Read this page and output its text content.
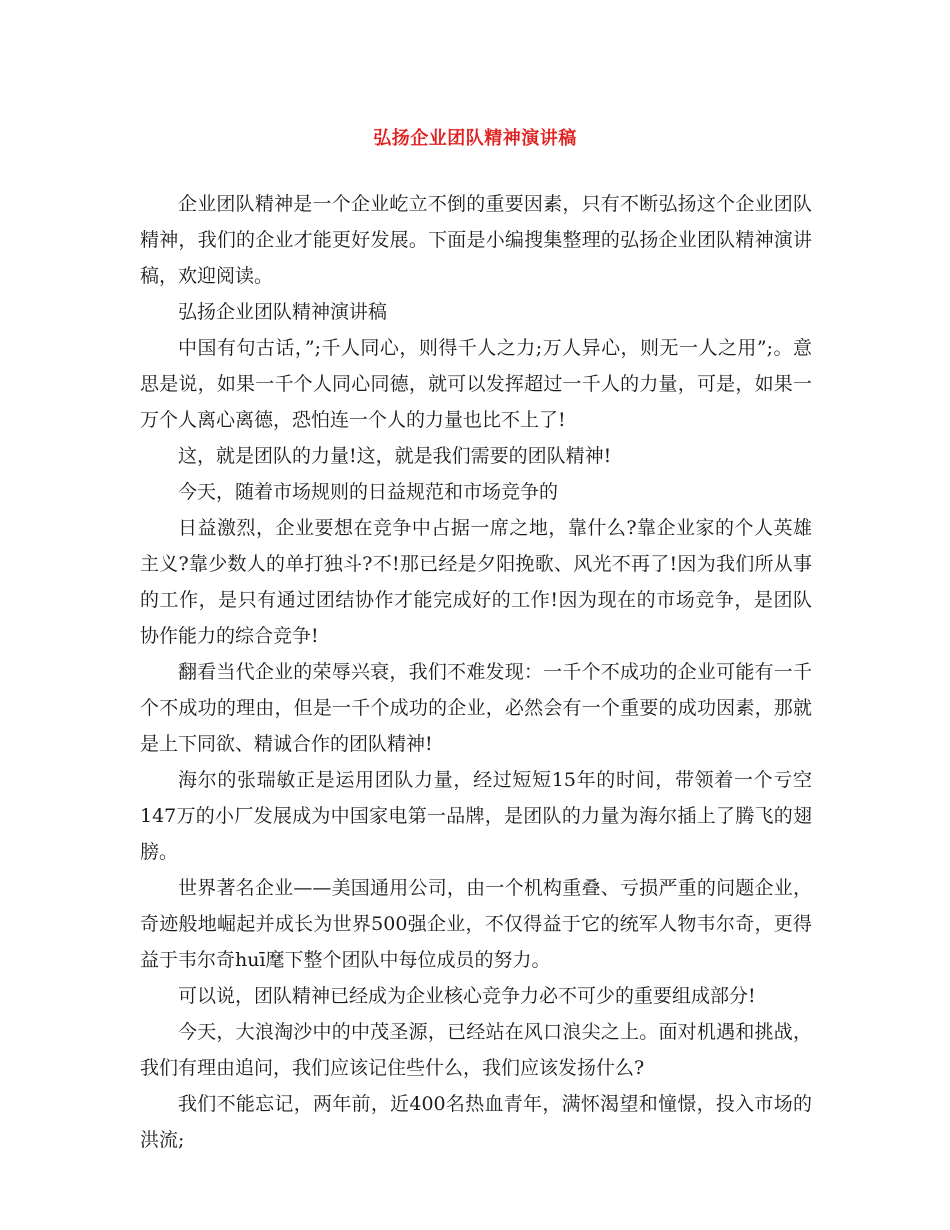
弘扬企业团队精神演讲稿

企业团队精神是一个企业屹立不倒的重要因素，只有不断弘扬这个企业团队精神，我们的企业才能更好发展。下面是小编搜集整理的弘扬企业团队精神演讲稿，欢迎阅读。

弘扬企业团队精神演讲稿

中国有句古话，”;千人同心，则得千人之力;万人异心，则无一人之用”;。意思是说，如果一千个人同心同德，就可以发挥超过一千人的力量，可是，如果一万个人离心离德，恐怕连一个人的力量也比不上了!

这，就是团队的力量!这，就是我们需要的团队精神!

今天，随着市场规则的日益规范和市场竞争的

日益激烈，企业要想在竞争中占据一席之地，靠什么?靠企业家的个人英雄主义?靠少数人的单打独斗?不!那已经是夕阳挽歌、风光不再了!因为我们所从事的工作，是只有通过团结协作才能完成好的工作!因为现在的市场竞争，是团队协作能力的综合竞争!

翻看当代企业的荣辱兴衰，我们不难发现：一千个不成功的企业可能有一千个不成功的理由，但是一千个成功的企业，必然会有一个重要的成功因素，那就是上下同欲、精诚合作的团队精神!

海尔的张瑞敏正是运用团队力量，经过短短15年的时间，带领着一个亏空147万的小厂发展成为中国家电第一品牌，是团队的力量为海尔插上了腾飞的翅膀。

世界著名企业——美国通用公司，由一个机构重叠、亏损严重的问题企业，奇迹般地崛起并成长为世界500强企业，不仅得益于它的统军人物韦尔奇，更得益于韦尔奇huī麾下整个团队中每位成员的努力。

可以说，团队精神已经成为企业核心竞争力必不可少的重要组成部分!

今天，大浪淘沙中的中茂圣源，已经站在风口浪尖之上。面对机遇和挑战，我们有理由追问，我们应该记住些什么，我们应该发扬什么?

我们不能忘记，两年前，近400名热血青年，满怀渴望和憧憬，投入市场的洪流;
